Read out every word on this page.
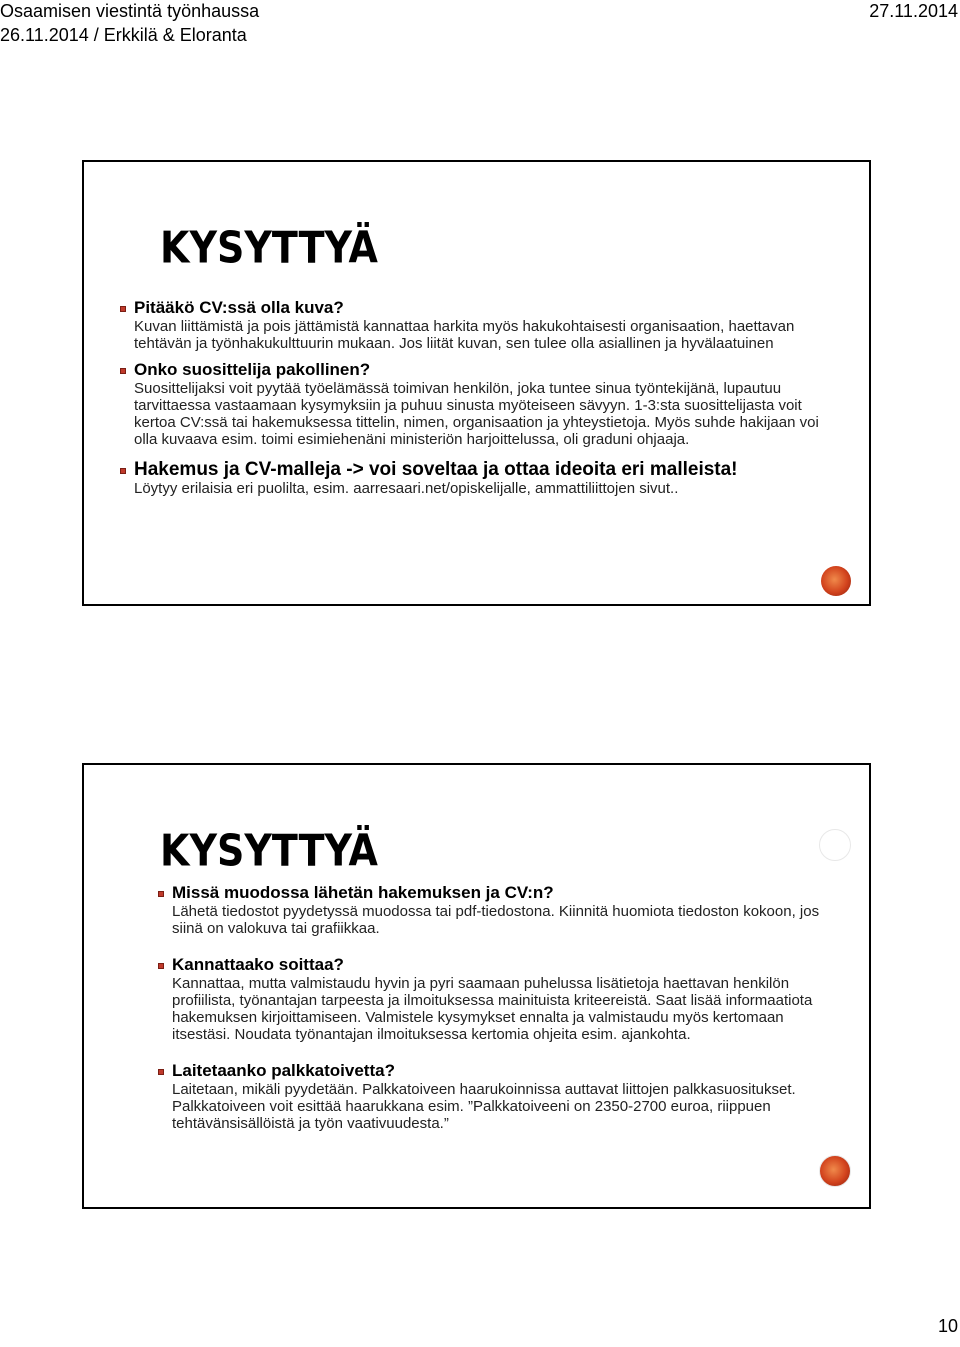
Osaamisen viestintä työnhaussa
26.11.2014 / Erkkilä & Eloranta
27.11.2014
KYSYTTYÄ
Pitääkö CV:ssä olla kuva?
Kuvan liittämistä ja pois jättämistä kannattaa harkita myös hakukohtaisesti organisaation, haettavan tehtävän ja työnhakukulttuurin mukaan. Jos liität kuvan, sen tulee olla asiallinen ja hyvälaatuinen
Onko suosittelija pakollinen?
Suosittelijaksi voit pyytää työelämässä toimivan henkilön, joka tuntee sinua työntekijänä, lupautuu tarvittaessa vastaamaan kysymyksiin ja puhuu sinusta myöteiseen sävyyn. 1-3:sta suosittelijasta voit kertoa CV:ssä tai hakemuksessa tittelin, nimen, organisaation ja yhteystietoja. Myös suhde hakijaan voi olla kuvaava esim. toimi esimiehenäni ministeriön harjoittelussa, oli graduni ohjaaja.
Hakemus ja CV-malleja -> voi soveltaa ja ottaa ideoita eri malleista!
Löytyy erilaisia eri puolilta, esim. aarresaari.net/opiskelijalle, ammattiliittojen sivut..
KYSYTTYÄ
Missä muodossa lähetän hakemuksen ja CV:n?
Lähetä tiedostot pyydetyssä muodossa tai pdf-tiedostona. Kiinnitä huomiota tiedoston kokoon, jos siinä on valokuva tai grafiikkaa.
Kannattaako soittaa?
Kannattaa, mutta valmistaudu hyvin ja pyri saamaan puhelussa lisätietoja haettavan henkilön profiilista, työnantajan tarpeesta ja ilmoituksessa mainituista kriteereistä. Saat lisää informaatiota hakemuksen kirjoittamiseen. Valmistele kysymykset ennalta ja valmistaudu myös kertomaan itsestäsi. Noudata työnantajan ilmoituksessa kertomia ohjeita esim. ajankohta.
Laitetaanko palkkatoivetta?
Laitetaan, mikäli pyydetään. Palkkatoiveen haarukoinnissa auttavat liittojen palkkasuositukset. Palkkatoiveen voit esittää haarukkana esim. ”Palkkatoiveeni on 2350-2700 euroa, riippuen tehtävänsisällöistä ja työn vaativuudesta.”
10
